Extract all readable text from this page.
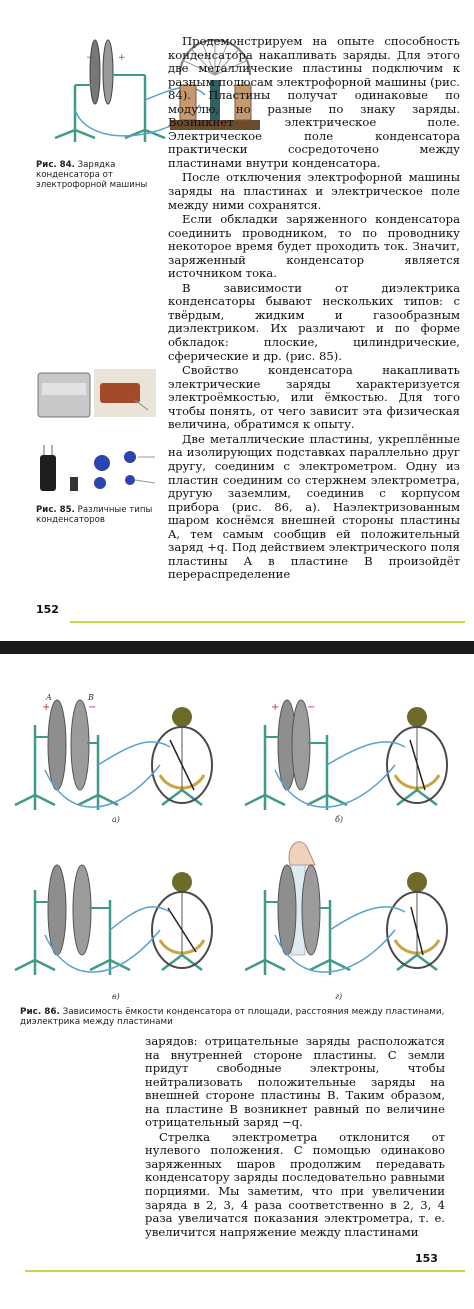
−	+
Рис. 84. Зарядка конденсатора от электрофорной машины
Рис. 85. Различные типы конденсаторов

Продемонстрируем на опыте способность конденсатора накапливать заряды. Для этого две металлические пластины подключим к разным полюсам электрофорной машины (рис. 84). Пластины получат одинаковые по модулю, но разные по знаку заряды. Возникнет электрическое поле. Электрическое поле конденсатора практически сосредоточено между пластинами внутри конденсатора.

После отключения электрофорной машины заряды на пластинах и электрическое поле между ними сохранятся.

Если обкладки заряженного конденсатора соединить проводником, то по проводнику некоторое время будет проходить ток. Значит, заряженный конденсатор является источником тока.

В зависимости от диэлектрика конденсаторы бывают нескольких типов: с твёрдым, жидким и газообразным диэлектриком. Их различают и по форме обкладок: плоские, цилиндрические, сферические и др. (рис. 85).

Свойство конденсатора накапливать электрические заряды характеризуется электроёмкостью, или ёмкостью. Для того чтобы понять, от чего зависит эта физическая величина, обратимся к опыту.

Две металлические пластины, укреплённые на изолирующих подставках параллельно друг другу, соединим с электрометром. Одну из пластин соединим со стержнем электрометра, другую заземлим, соединив с корпусом прибора (рис. 86, а). Наэлектризованным шаром коснёмся внешней стороны пластины A, тем самым сообщив ей положительный заряд +q. Под действием электрического поля пластины A в пластине B произойдёт перераспределение

152
+	−
A	B
а)
+	−
б)
в)	г)
Рис. 86. Зависимость ёмкости конденсатора от площади, расстояния между пластинами, диэлектрика между пластинами

зарядов: отрицательные заряды расположатся на внутренней стороне пластины. С земли придут свободные электроны, чтобы нейтрализовать положительные заряды на внешней стороне пластины B. Таким образом, на пластине B возникнет равный по величине отрицательный заряд −q.

Стрелка электрометра отклонится от нулевого положения. С помощью одинаково заряженных шаров продолжим передавать конденсатору заряды последовательно равными порциями. Мы заметим, что при увеличении заряда в 2, 3, 4 раза соответственно в 2, 3, 4 раза увеличатся показания электрометра, т. е. увеличится напряжение между пластинами

153
